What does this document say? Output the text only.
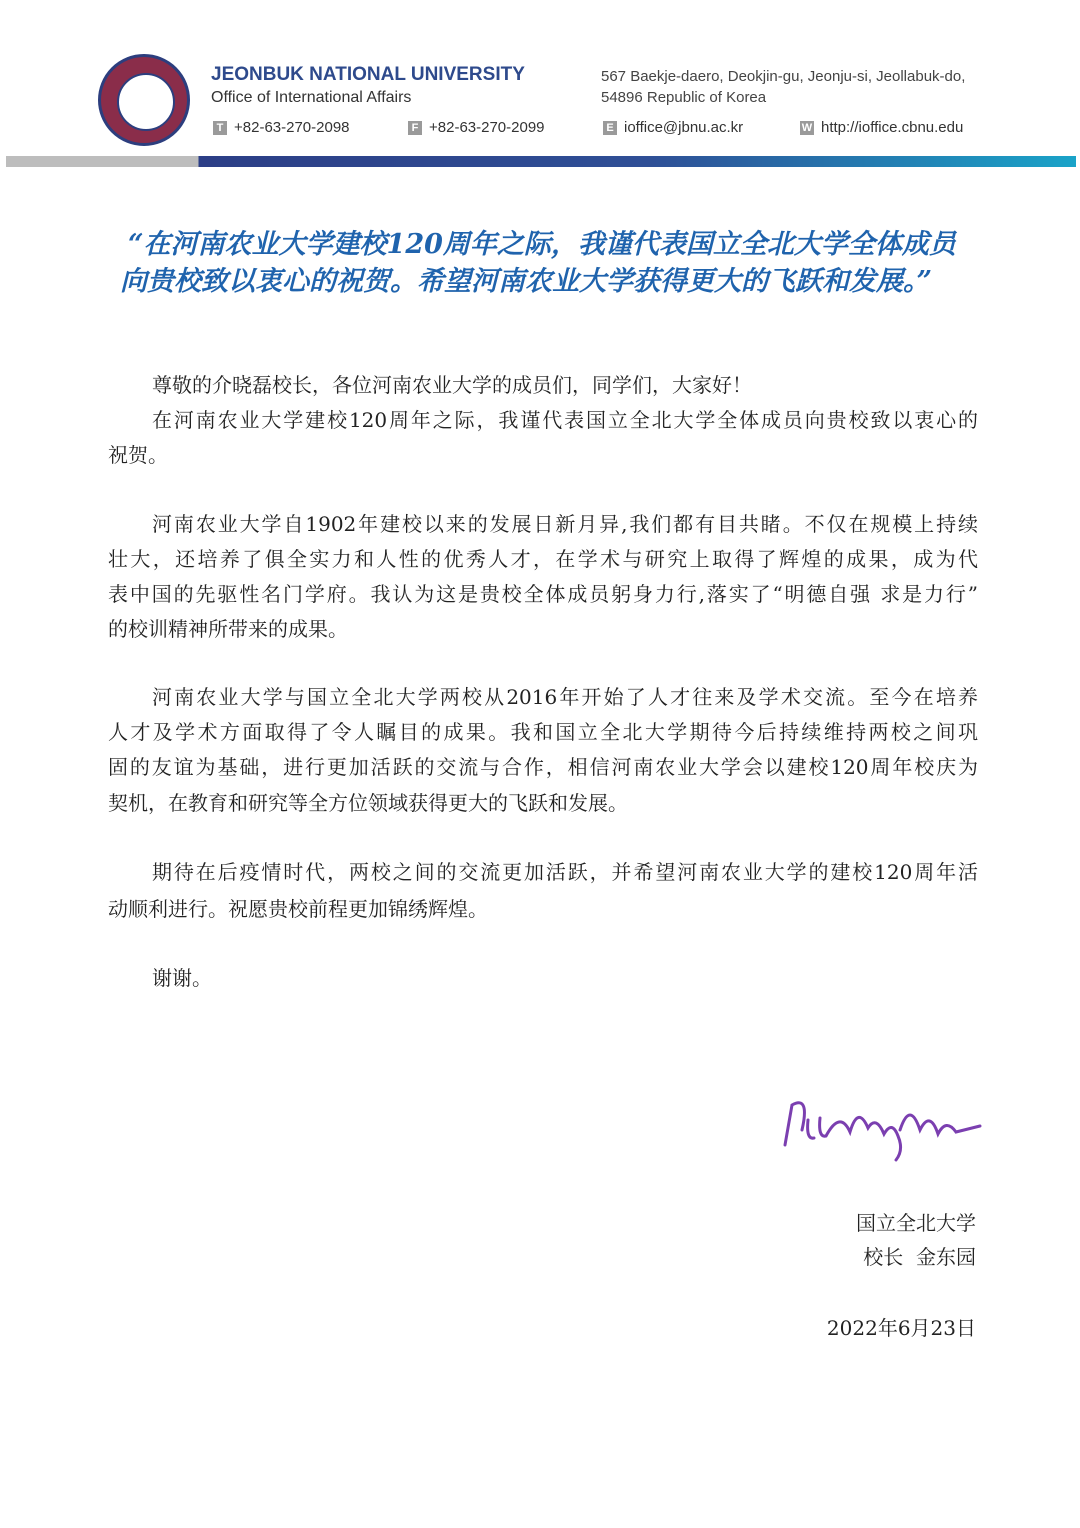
JEONBUK NATIONAL UNIVERSITY
Office of International Affairs
567 Baekje-daero, Deokjin-gu, Jeonju-si, Jeollabuk-do,
54896 Republic of Korea
T +82-63-270-2098	F +82-63-270-2099	E ioffice@jbnu.ac.kr	W http://ioffice.cbnu.edu
“在河南农业大学建校120周年之际，我谨代表国立全北大学全体成员
向贵校致以衷心的祝贺。希望河南农业大学获得更大的飞跃和发展。”
尊敬的介晓磊校长，各位河南农业大学的成员们，同学们，大家好！
在河南农业大学建校120周年之际，我谨代表国立全北大学全体成员向贵校致以衷心的
祝贺。
河南农业大学自1902年建校以来的发展日新月异,我们都有目共睹。不仅在规模上持续
壮大，还培养了俱全实力和人性的优秀人才，在学术与研究上取得了辉煌的成果，成为代
表中国的先驱性名门学府。我认为这是贵校全体成员躬身力行,落实了“明德自强 求是力行”
的校训精神所带来的成果。
河南农业大学与国立全北大学两校从2016年开始了人才往来及学术交流。至今在培养
人才及学术方面取得了令人瞩目的成果。我和国立全北大学期待今后持续维持两校之间巩
固的友谊为基础，进行更加活跃的交流与合作，相信河南农业大学会以建校120周年校庆为
契机，在教育和研究等全方位领域获得更大的飞跃和发展。
期待在后疫情时代，两校之间的交流更加活跃，并希望河南农业大学的建校120周年活
动顺利进行。祝愿贵校前程更加锦绣辉煌。
谢谢。
国立全北大学
校长  金东园
2022年6月23日
